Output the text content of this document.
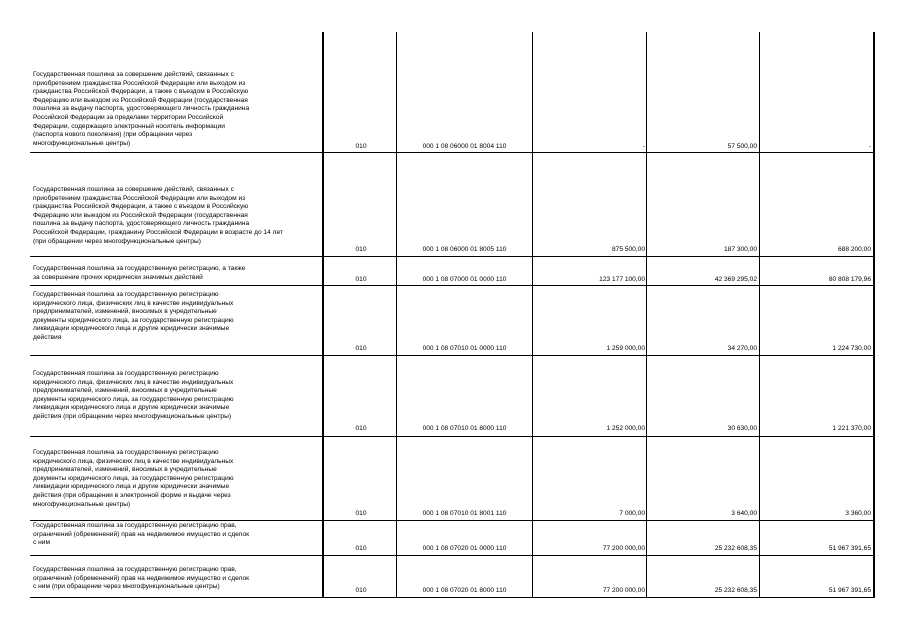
Государственная пошлина за совершение действий, связанных с
приобретением гражданства Российской Федерации или выходом из
гражданства Российской Федерации, а также с въездом в Российскую
Федерацию или выездом из Российской Федерации (государственная
пошлина за выдачу паспорта, удостоверяющего личность гражданина
Российской Федерации за пределами территории Российской
Федерации, содержащего электронный носитель информации
(паспорта нового поколения) (при обращении через
многофункциональные центры)	010	000 1 08 06000 01 8004 110	-	57 500,00	-
Государственная пошлина за совершение действий, связанных с
приобретением гражданства Российской Федерации или выходом из
гражданства Российской Федерации, а также с въездом в Российскую
Федерацию или выездом из Российской Федерации (государственная
пошлина за выдачу паспорта, удостоверяющего личность гражданина
Российской Федерации, гражданину Российской Федерации в возрасте до 14 лет
(при обращении через многофункциональные центры)
010	000 1 08 06000 01 8005 110	875 500,00	187 300,00	688 200,00
Государственная пошлина за государственную регистрацию, а также
за совершение прочих юридически значимых действий	010	000 1 08 07000 01 0000 110	123 177 100,00	42 369 295,02	80 808 179,96
Государственная пошлина за государственную регистрацию
юридического лица, физических лиц в качестве индивидуальных
предпринимателей, изменений, вносимых в учредительные
документы юридического лица, за государственную регистрацию
ликвидации юридического лица и другие юридически значимые
действия
010	000 1 08 07010 01 0000 110	1 259 000,00	34 270,00	1 224 730,00
Государственная пошлина за государственную регистрацию
юридического лица, физических лиц в качестве индивидуальных
предпринимателей, изменений, вносимых в учредительные
документы юридического лица, за государственную регистрацию
ликвидации юридического лица и другие юридически значимые
действия (при обращении через многофункциональные центры)
010	000 1 08 07010 01 8000 110	1 252 000,00	30 630,00	1 221 370,00
Государственная пошлина за государственную регистрацию
юридического лица, физических лиц в качестве индивидуальных
предпринимателей, изменений, вносимых в учредительные
документы юридического лица, за государственную регистрацию
ликвидации юридического лица и другие юридически значимые
действия (при обращении в электронной форме и выдаче через
многофункциональные центры)
010	000 1 08 07010 01 8001 110	7 000,00	3 640,00	3 360,00
Государственная пошлина за государственную регистрацию прав,
ограничений (обременений) прав на недвижимое имущество и сделок
с ним
010	000 1 08 07020 01 0000 110	77 200 000,00	25 232 608,35	51 967 391,65
Государственная пошлина за государственную регистрацию прав,
ограничений (обременений) прав на недвижимое имущество и сделок
с ним (при обращении через многофункциональные центры)
010	000 1 08 07020 01 8000 110	77 200 000,00	25 232 608,35	51 967 391,65
